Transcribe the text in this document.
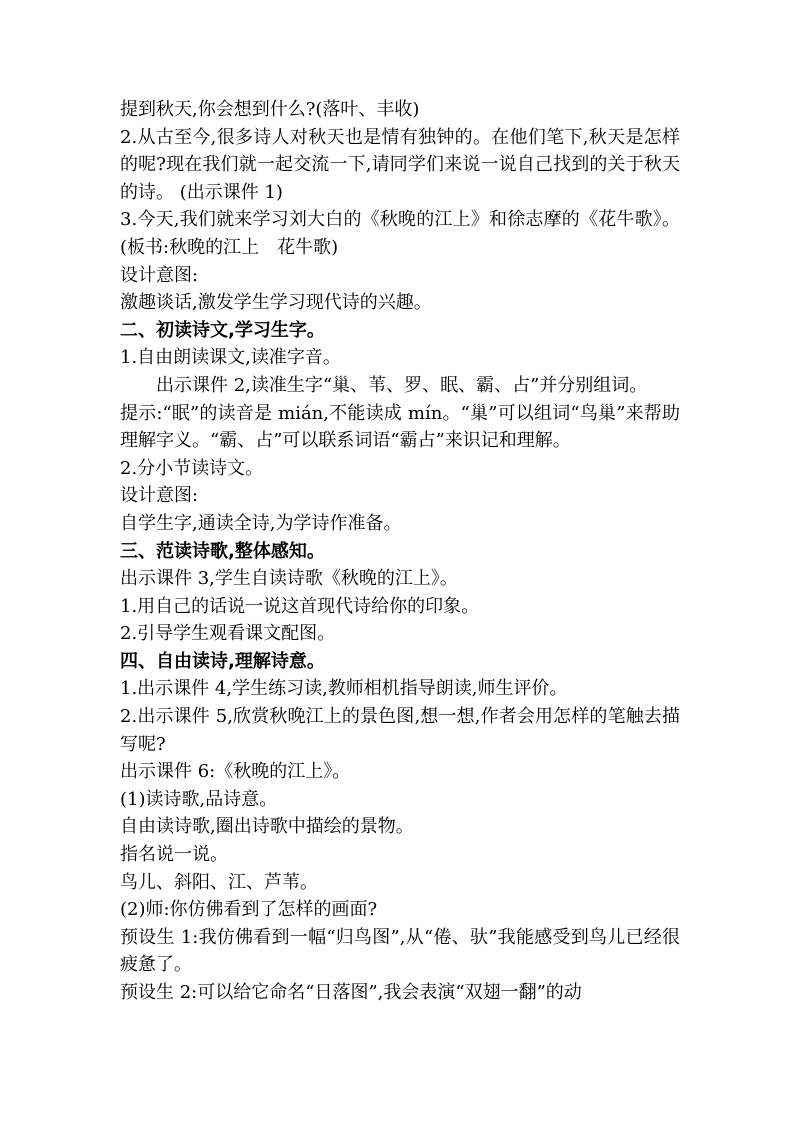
提到秋天,你会想到什么?(落叶、丰收)

2.从古至今,很多诗人对秋天也是情有独钟的。在他们笔下,秋天是怎样的呢?现在我们就一起交流一下,请同学们来说一说自己找到的关于秋天的诗。 (出示课件 1)

3.今天,我们就来学习刘大白的《秋晚的江上》和徐志摩的《花牛歌》。(板书:秋晚的江上　花牛歌)

设计意图:

激趣谈话,激发学生学习现代诗的兴趣。

二、初读诗文,学习生字。

1.自由朗读课文,读准字音。

出示课件 2,读准生字“巢、苇、罗、眠、霸、占”并分别组词。

提示:“眠”的读音是 mián,不能读成 mín。“巢”可以组词“鸟巢”来帮助理解字义。“霸、占”可以联系词语“霸占”来识记和理解。

2.分小节读诗文。

设计意图:

自学生字,通读全诗,为学诗作准备。

三、范读诗歌,整体感知。

出示课件 3,学生自读诗歌《秋晚的江上》。

1.用自己的话说一说这首现代诗给你的印象。

2.引导学生观看课文配图。

四、自由读诗,理解诗意。

1.出示课件 4,学生练习读,教师相机指导朗读,师生评价。

2.出示课件 5,欣赏秋晚江上的景色图,想一想,作者会用怎样的笔触去描写呢?

出示课件 6:《秋晚的江上》。

(1)读诗歌,品诗意。

自由读诗歌,圈出诗歌中描绘的景物。

指名说一说。

鸟儿、斜阳、江、芦苇。

(2)师:你仿佛看到了怎样的画面?

预设生 1:我仿佛看到一幅“归鸟图”,从“倦、驮”我能感受到鸟儿已经很疲惫了。

预设生 2:可以给它命名“日落图”,我会表演“双翅一翻”的动
